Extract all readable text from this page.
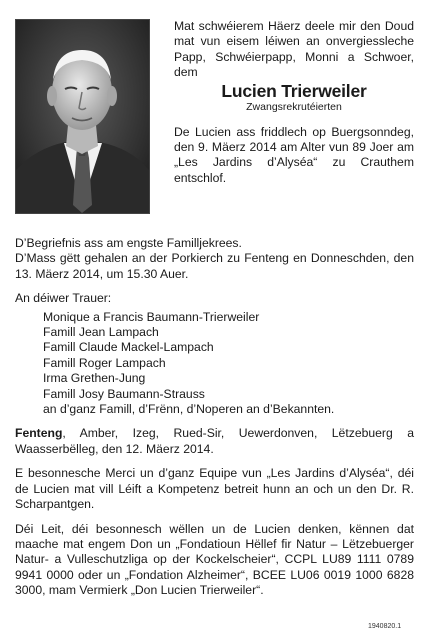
Mat schwéierem Häerz deele mir den Doud mat vun eisem léiwen an onvergiessleche Papp, Schwéierpapp, Monni a Schwoer, dem

Lucien Trierweiler

Zwangsrekrutéierten

De Lucien ass friddlech op Buergsonndeg, den 9. Mäerz 2014 am Alter vun 89 Joer am „Les Jardins d’Alyséa“ zu Crauthem entschlof.

D’Begriefnis ass am engste Familljekrees.

D’Mass gëtt gehalen an der Porkierch zu Fenteng en Donneschden, den 13. Mäerz 2014, um 15.30 Auer.

An déiwer Trauer:

Monique a Francis Baumann-Trierweiler
Famill Jean Lampach
Famill Claude Mackel-Lampach
Famill Roger Lampach
Irma Grethen-Jung
Famill Josy Baumann-Strauss
an d’ganz Famill, d’Frënn, d’Noperen an d’Bekannten.

Fenteng, Amber, Izeg, Rued-Sir, Uewerdonven, Lëtzebuerg a Waasserbëlleg, den 12. Mäerz 2014.

E besonnesche Merci un d’ganz Equipe vun „Les Jardins d’Alyséa“, déi de Lucien mat vill Léift a Kompetenz betreit hunn an och un den Dr. R. Scharpantgen.

Déi Leit, déi besonnesch wëllen un de Lucien denken, kënnen dat maache mat engem Don un „Fondatioun Hëllef fir Natur – Lëtzebuerger Natur- a Vulleschutzliga op der Kockelscheier“, CCPL LU89 1111 0789 9941 0000 oder un „Fondation Alzheimer“, BCEE LU06 0019 1000 6828 3000, mam Vermierk „Don Lucien Trierweiler“.

1940820.1
